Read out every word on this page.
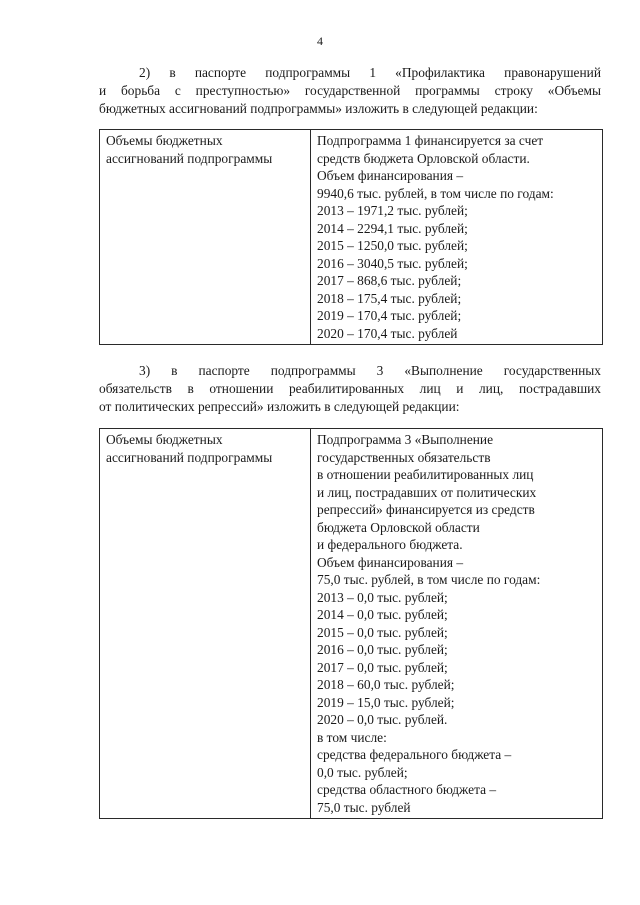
4
2) в паспорте подпрограммы 1 «Профилактика правонарушений
и борьба с преступностью» государственной программы строку «Объемы
бюджетных ассигнований подпрограммы» изложить в следующей редакции:
Объемы бюджетных
ассигнований подпрограммы

Подпрограмма 1 финансируется за счет
средств бюджета Орловской области.
Объем финансирования –
9940,6 тыс. рублей, в том числе по годам:
2013 – 1971,2 тыс. рублей;
2014 – 2294,1 тыс. рублей;
2015 – 1250,0 тыс. рублей;
2016 – 3040,5 тыс. рублей;
2017 – 868,6 тыс. рублей;
2018 – 175,4 тыс. рублей;
2019 – 170,4 тыс. рублей;
2020 – 170,4 тыс. рублей
3) в паспорте подпрограммы 3 «Выполнение государственных
обязательств в отношении реабилитированных лиц и лиц, пострадавших
от политических репрессий» изложить в следующей редакции:
Объемы бюджетных
ассигнований подпрограммы

Подпрограмма 3 «Выполнение
государственных обязательств
в отношении реабилитированных лиц
и лиц, пострадавших от политических
репрессий» финансируется из средств
бюджета Орловской области
и федерального бюджета.
Объем финансирования –
75,0 тыс. рублей, в том числе по годам:
2013 – 0,0 тыс. рублей;
2014 – 0,0 тыс. рублей;
2015 – 0,0 тыс. рублей;
2016 – 0,0 тыс. рублей;
2017 – 0,0 тыс. рублей;
2018 – 60,0 тыс. рублей;
2019 – 15,0 тыс. рублей;
2020 – 0,0 тыс. рублей.
в том числе:
средства федерального бюджета –
0,0 тыс. рублей;
средства областного бюджета –
75,0 тыс. рублей
